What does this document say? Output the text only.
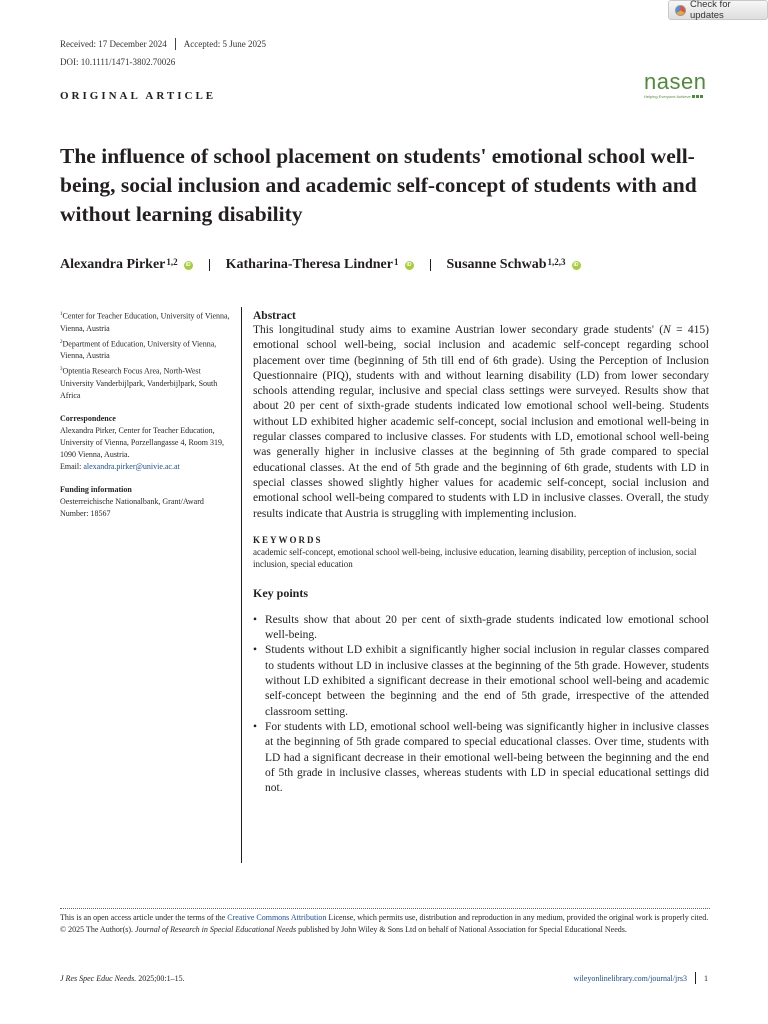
Check for updates
Received: 17 December 2024 Accepted: 5 June 2025
DOI: 10.1111/1471-3802.70026
ORIGINAL ARTICLE
nasen
Helping Everyone Achieve
The influence of school placement on students' emotional school well-being, social inclusion and academic self-concept of students with and without learning disability
Alexandra Pirker$^{1,2}$	iD	Katharina-Theresa Lindner$^1$	iD	Susanne Schwab$^{1,2,3}$	iD
$^1$Center for Teacher Education, University of Vienna, Vienna, Austria
$^2$Department of Education, University of Vienna, Vienna, Austria
$^3$Optentia Research Focus Area, North-West University Vanderbijlpark, Vanderbijlpark, South Africa
Correspondence
Alexandra Pirker, Center for Teacher Education, University of Vienna, Porzellangasse 4, Room 319, 1090 Vienna, Austria.
Email: alexandra.pirker@univie.ac.at
Funding information
Oesterreichische Nationalbank, Grant/Award Number: 18567
Abstract
This longitudinal study aims to examine Austrian lower secondary grade students' (N = 415) emotional school well-being, social inclusion and academic self-concept regarding school placement over time (beginning of 5th till end of 6th grade). Using the Perception of Inclusion Questionnaire (PIQ), students with and without learning disability (LD) from lower secondary schools attending regular, inclusive and special class settings were surveyed. Results show that about 20 per cent of sixth-grade students indicated low emotional school well-being. Students without LD exhibited higher academic self-concept, social inclusion and emotional well-being in regular classes compared to inclusive classes. For students with LD, emotional school well-being was generally higher in inclusive classes at the beginning of 5th grade compared to special educational classes. At the end of 5th grade and the beginning of 6th grade, students with LD in special classes showed slightly higher values for academic self-concept, social inclusion and emotional school well-being compared to students with LD in inclusive classes. Overall, the study results indicate that Austria is struggling with implementing inclusion.
KEYWORDS
academic self-concept, emotional school well-being, inclusive education, learning disability, perception of inclusion, social inclusion, special education
Key points
• Results show that about 20 per cent of sixth-grade students indicated low emotional school well-being.
• Students without LD exhibit a significantly higher social inclusion in regular classes compared to students without LD in inclusive classes at the beginning of the 5th grade. However, students without LD exhibited a significant decrease in their emotional school well-being and academic self-concept between the beginning and the end of 5th grade, irrespective of the attended classroom setting.
• For students with LD, emotional school well-being was significantly higher in inclusive classes at the beginning of 5th grade compared to special educational classes. Over time, students with LD had a significant decrease in their emotional well-being between the beginning and the end of 5th grade in inclusive classes, whereas students with LD in special educational settings did not.
This is an open access article under the terms of the Creative Commons Attribution License, which permits use, distribution and reproduction in any medium, provided the original work is properly cited.
© 2025 The Author(s). Journal of Research in Special Educational Needs published by John Wiley & Sons Ltd on behalf of National Association for Special Educational Needs.
J Res Spec Educ Needs. 2025;00:1–15.	wileyonlinelibrary.com/journal/jrs3 1
